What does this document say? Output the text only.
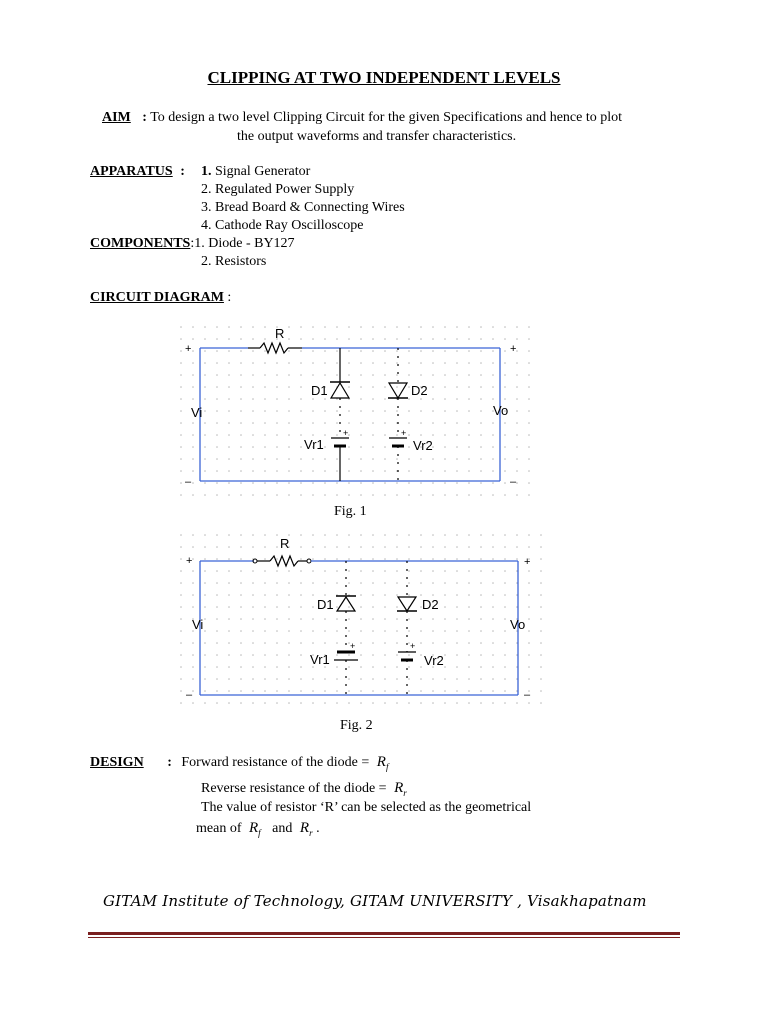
CLIPPING AT TWO INDEPENDENT LEVELS
AIM : To design a two level Clipping Circuit for the given Specifications and hence to plot
the output waveforms and transfer characteristics.
APPARATUS : 1. Signal Generator
2. Regulated Power Supply
3. Bread Board & Connecting Wires
4. Cathode Ray Oscilloscope
COMPONENTS:1. Diode - BY127
2. Resistors
CIRCUIT DIAGRAM :
R
+	+
–	–
Vi	Vo
D1	D2
Vr1	Vr2
+	+
Fig. 1
R
+	+
–	–
Vi	Vo
D1	D2
Vr1	Vr2
+	+
Fig. 2
DESIGN : Forward resistance of the diode = $R_f$
Reverse resistance of the diode = $R_r$
The value of resistor ‘R’ can be selected as the geometrical
mean of $R_f$ and $R_r$ .
GITAM Institute of Technology, GITAM UNIVERSITY , Visakhapatnam
